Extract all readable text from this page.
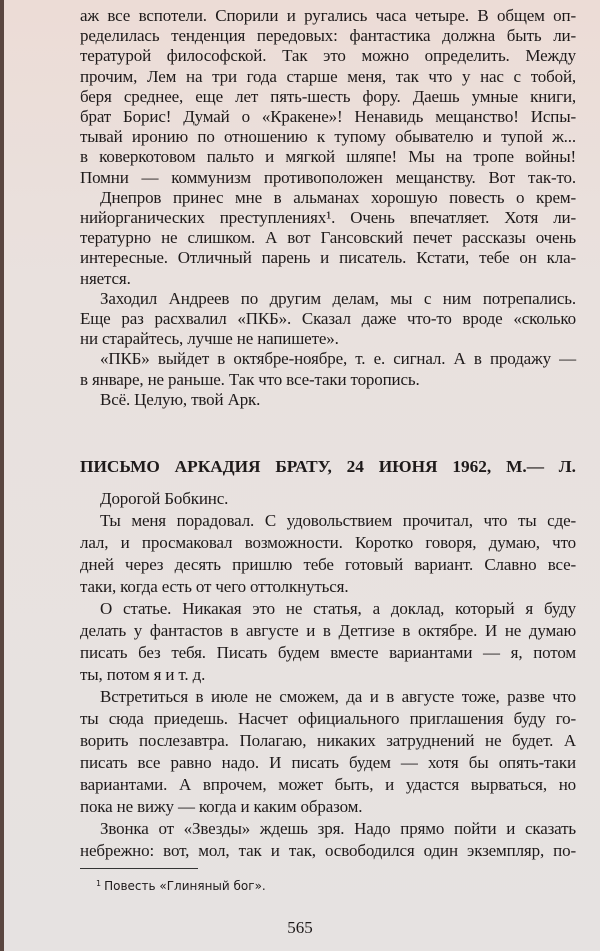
аж все вспотели. Спорили и ругались часа четыре. В общем оп-
ределилась тенденция передовых: фантастика должна быть ли-
тературой философской. Так это можно определить. Между
прочим, Лем на три года старше меня, так что у нас с тобой,
беря среднее, еще лет пять-шесть фору. Даешь умные книги,
брат Борис! Думай о «Кракене»! Ненавидь мещанство! Испы-
тывай иронию по отношению к тупому обывателю и тупой ж...
в коверкотовом пальто и мягкой шляпе! Мы на тропе войны!
Помни — коммунизм противоположен мещанству. Вот так-то.
Днепров принес мне в альманах хорошую повесть о крем-
нийорганических преступлениях¹. Очень впечатляет. Хотя ли-
тературно не слишком. А вот Гансовский печет рассказы очень
интересные. Отличный парень и писатель. Кстати, тебе он кла-
няется.
Заходил Андреев по другим делам, мы с ним потрепались.
Еще раз расхвалил «ПКБ». Сказал даже что-то вроде «сколько
ни старайтесь, лучше не напишете».
«ПКБ» выйдет в октябре-ноябре, т. е. сигнал. А в продажу —
в январе, не раньше. Так что все-таки торопись.
Всё. Целую, твой Арк.
ПИСЬМО АРКАДИЯ БРАТУ, 24 ИЮНЯ 1962, М.— Л.
Дорогой Бобкинс.
Ты меня порадовал. С удовольствием прочитал, что ты сде-
лал, и просмаковал возможности. Коротко говоря, думаю, что
дней через десять пришлю тебе готовый вариант. Славно все-
таки, когда есть от чего оттолкнуться.
О статье. Никакая это не статья, а доклад, который я буду
делать у фантастов в августе и в Детгизе в октябре. И не думаю
писать без тебя. Писать будем вместе вариантами — я, потом
ты, потом я и т. д.
Встретиться в июле не сможем, да и в августе тоже, разве что
ты сюда приедешь. Насчет официального приглашения буду го-
ворить послезавтра. Полагаю, никаких затруднений не будет. А
писать все равно надо. И писать будем — хотя бы опять-таки
вариантами. А впрочем, может быть, и удастся вырваться, но
пока не вижу — когда и каким образом.
Звонка от «Звезды» ждешь зря. Надо прямо пойти и сказать
небрежно: вот, мол, так и так, освободился один экземпляр, по-
$^1$ Повесть «Глиняный бог».
565
